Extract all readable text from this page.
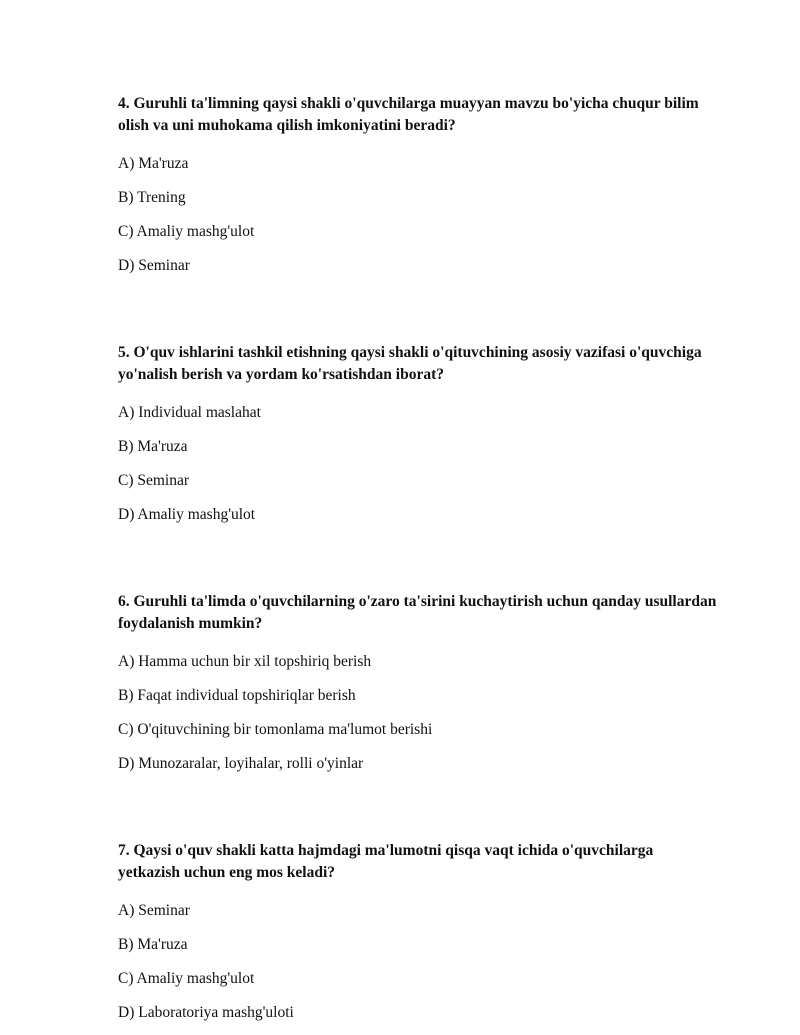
4. Guruhli ta'limning qaysi shakli o'quvchilarga muayyan mavzu bo'yicha chuqur bilim olish va uni muhokama qilish imkoniyatini beradi?

A) Ma'ruza
B) Trening
C) Amaliy mashg'ulot
D) Seminar

5. O'quv ishlarini tashkil etishning qaysi shakli o'qituvchining asosiy vazifasi o'quvchiga yo'nalish berish va yordam ko'rsatishdan iborat?

A) Individual maslahat
B) Ma'ruza
C) Seminar
D) Amaliy mashg'ulot

6. Guruhli ta'limda o'quvchilarning o'zaro ta'sirini kuchaytirish uchun qanday usullardan foydalanish mumkin?

A) Hamma uchun bir xil topshiriq berish
B) Faqat individual topshiriqlar berish
C) O'qituvchining bir tomonlama ma'lumot berishi
D) Munozaralar, loyihalar, rolli o'yinlar

7. Qaysi o'quv shakli katta hajmdagi ma'lumotni qisqa vaqt ichida o'quvchilarga yetkazish uchun eng mos keladi?

A) Seminar
B) Ma'ruza
C) Amaliy mashg'ulot
D) Laboratoriya mashg'uloti
